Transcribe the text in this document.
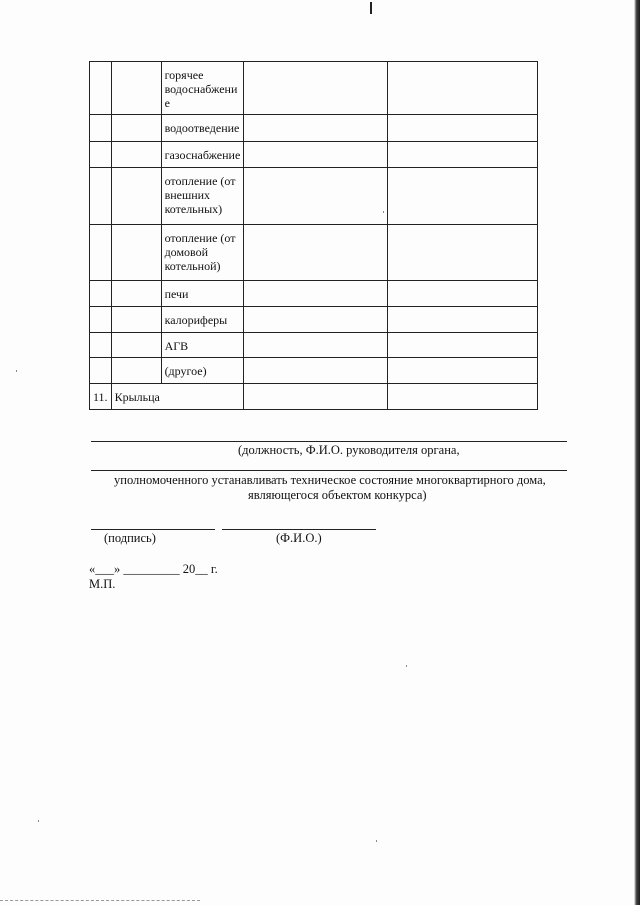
		горячее водоснабжени е		
		водоотведение		
		газоснабжение		
		отопление (от внешних котельных)		
		отопление (от домовой котельной)		
		печи		
		калориферы		
		АГВ		
		(другое)		
11.	Крыльца			
(должность, Ф.И.О. руководителя органа,
уполномоченного устанавливать техническое состояние многоквартирного дома,
являющегося объектом конкурса)
(подпись)	(Ф.И.О.)
«___» _________ 20__ г.
М.П.
